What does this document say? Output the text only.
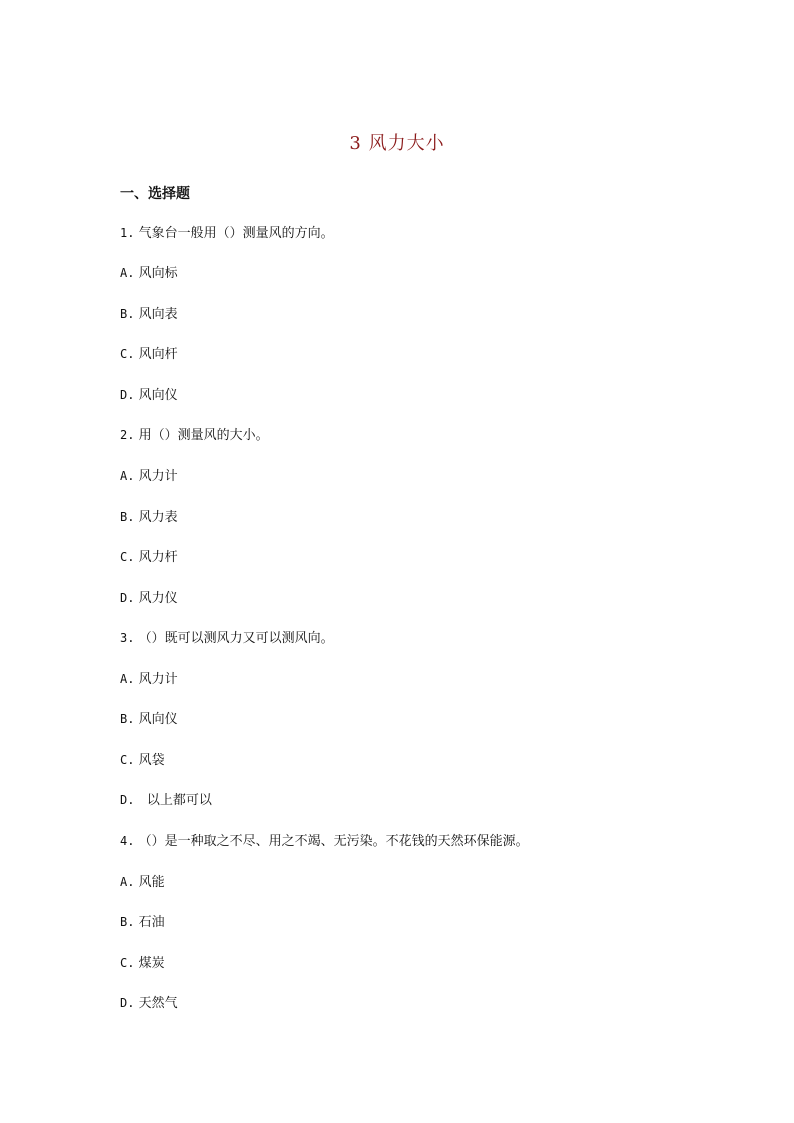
3 风力大小
一、选择题
1. 气象台一般用（）测量风的方向。
A. 风向标
B. 风向表
C. 风向杆
D. 风向仪
2. 用（）测量风的大小。
A. 风力计
B. 风力表
C. 风力杆
D. 风力仪
3. （）既可以测风力又可以测风向。
A. 风力计
B. 风向仪
C. 风袋
D.   以上都可以
4. （）是一种取之不尽、用之不竭、无污染。不花钱的天然环保能源。
A. 风能
B. 石油
C. 煤炭
D. 天然气
